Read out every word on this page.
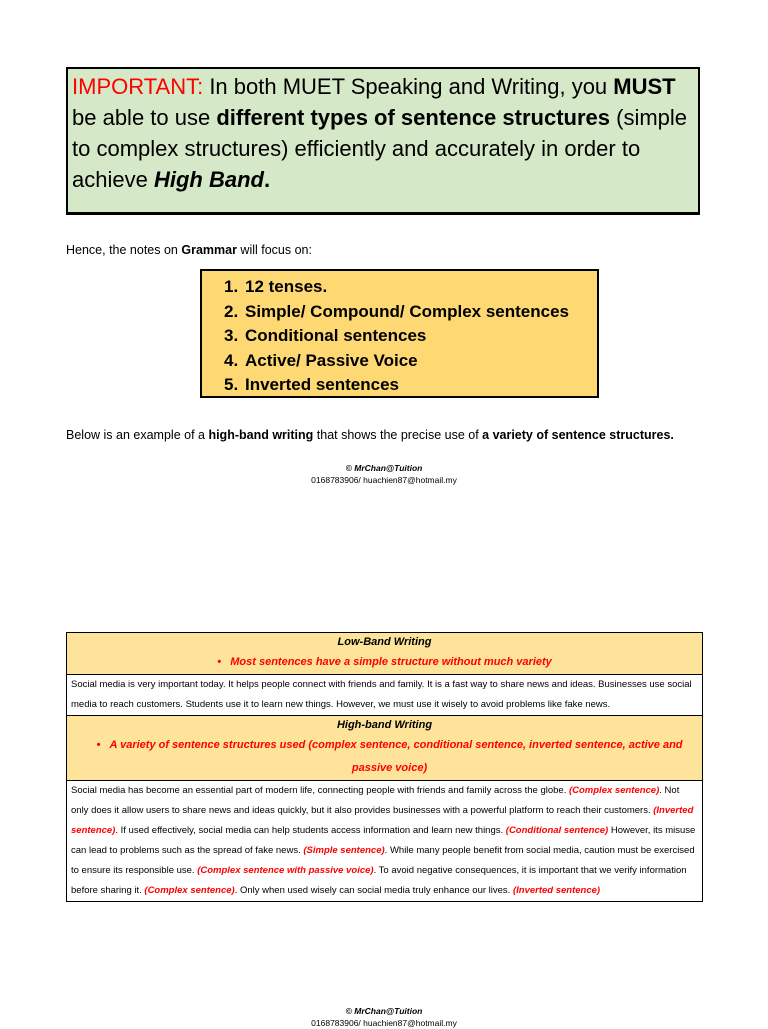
IMPORTANT: In both MUET Speaking and Writing, you MUST be able to use different types of sentence structures (simple to complex structures) efficiently and accurately in order to achieve High Band.
Hence, the notes on Grammar will focus on:
1. 12 tenses.
2. Simple/ Compound/ Complex sentences
3. Conditional sentences
4. Active/ Passive Voice
5. Inverted sentences
Below is an example of a high-band writing that shows the precise use of a variety of sentence structures.
© MrChan@Tuition
0168783906/ huachien87@hotmail.my
Low-Band Writing
•   Most sentences have a simple structure without much variety

Social media is very important today. It helps people connect with friends and family. It is a fast way to share news and ideas. Businesses use social media to reach customers. Students use it to learn new things. However, we must use it wisely to avoid problems like fake news.

High-band Writing
•   A variety of sentence structures used (complex sentence, conditional sentence, inverted sentence, active and passive voice)

Social media has become an essential part of modern life, connecting people with friends and family across the globe. (Complex sentence). Not only does it allow users to share news and ideas quickly, but it also provides businesses with a powerful platform to reach their customers. (Inverted sentence). If used effectively, social media can help students access information and learn new things. (Conditional sentence) However, its misuse can lead to problems such as the spread of fake news. (Simple sentence). While many people benefit from social media, caution must be exercised to ensure its responsible use. (Complex sentence with passive voice). To avoid negative consequences, it is important that we verify information before sharing it. (Complex sentence). Only when used wisely can social media truly enhance our lives. (Inverted sentence)
© MrChan@Tuition
0168783906/ huachien87@hotmail.my
